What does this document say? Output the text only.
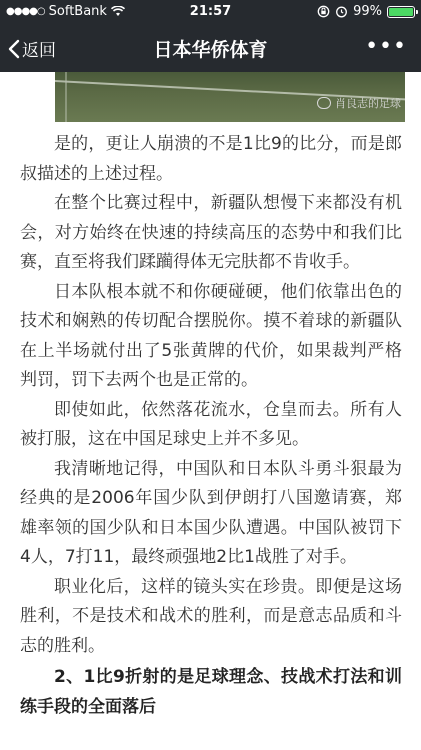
●●●●○ SoftBank	21:57	99%
返回	日本华侨体育	•••
肖良志的足球

是的，更让人崩溃的不是1比9的比分，而是郎叔描述的上述过程。

在整个比赛过程中，新疆队想慢下来都没有机会，对方始终在快速的持续高压的态势中和我们比赛，直至将我们蹂躏得体无完肤都不肯收手。

日本队根本就不和你硬碰硬，他们依靠出色的技术和娴熟的传切配合摆脱你。摸不着球的新疆队在上半场就付出了5张黄牌的代价，如果裁判严格判罚，罚下去两个也是正常的。

即使如此，依然落花流水，仓皇而去。所有人被打服，这在中国足球史上并不多见。

我清晰地记得，中国队和日本队斗勇斗狠最为经典的是2006年国少队到伊朗打八国邀请赛，郑雄率领的国少队和日本国少队遭遇。中国队被罚下4人，7打11，最终顽强地2比1战胜了对手。

职业化后，这样的镜头实在珍贵。即便是这场胜利，不是技术和战术的胜利，而是意志品质和斗志的胜利。

2、1比9折射的是足球理念、技战术打法和训练手段的全面落后
